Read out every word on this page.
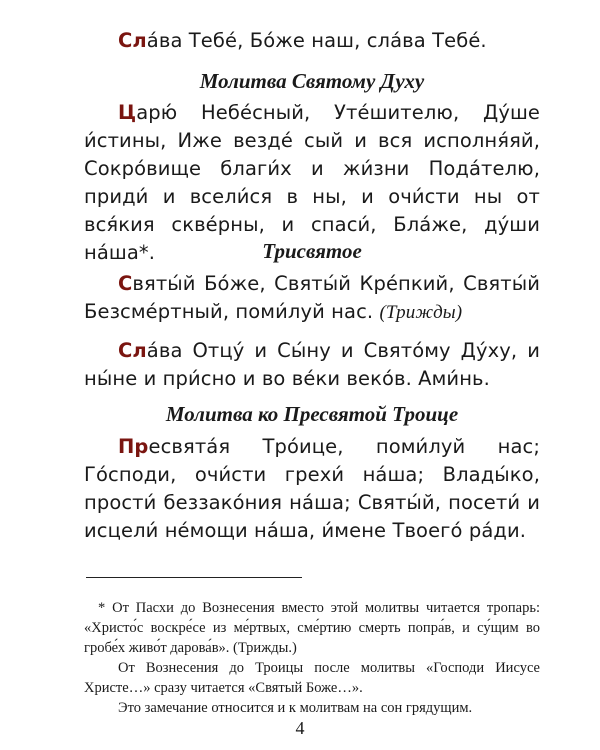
Сла́ва Тебе́, Бо́же наш, сла́ва Тебе́.

Молитва Святому Духу

Царю́ Небе́сный, Уте́шителю, Ду́ше и́стины, Иже везде́ сый и вся исполня́яй, Сокро́вище благи́х и жи́зни Пода́телю, приди́ и всели́ся в ны, и очи́сти ны от вся́кия скве́рны, и спаси́, Бла́же, ду́ши на́ша*.	Трисвятое

Святы́й Бо́же, Святы́й Кре́пкий, Святы́й Безсме́ртный, поми́луй нас. (Трижды)

Сла́ва Отцу́ и Сы́ну и Свято́му Ду́ху, и ны́не и при́сно и во ве́ки веко́в. Ами́нь.

Молитва ко Пресвятой Троице

Пресвята́я Тро́ице, поми́луй нас; Го́споди, очи́сти грехи́ на́ша; Влады́ко, прости́ беззако́ния на́ша; Святы́й, посети́ и исцели́ не́мощи на́ша, и́мене Твоего́ ра́ди.

* От Пасхи до Вознесения вместо этой молитвы читается тропарь: «Христо́с воскре́се из ме́ртвых, сме́ртию смерть попра́в, и су́щим во гробе́х живо́т дарова́в». (Трижды.)

От Вознесения до Троицы после молитвы «Господи Иисусе Христе…» сразу читается «Святый Боже…».

Это замечание относится и к молитвам на сон грядущим.

4
